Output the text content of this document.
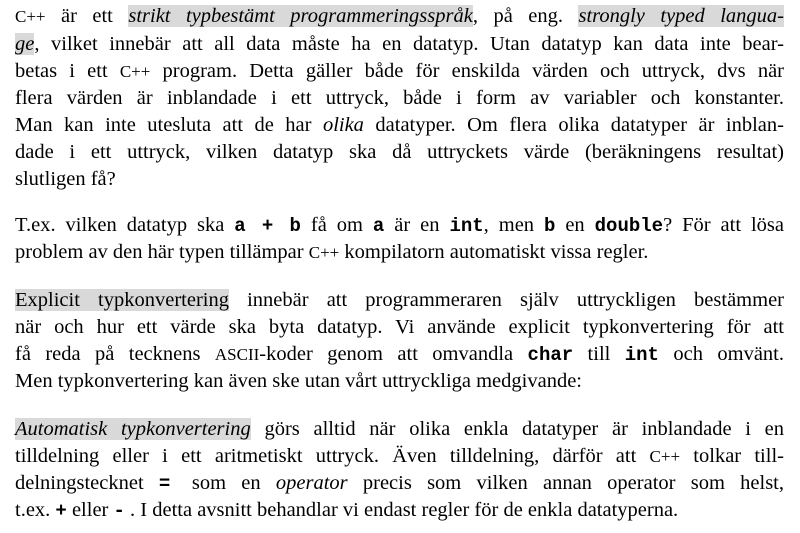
C++ är ett strikt typbestämt programmeringsspråk, på eng. strongly typed langua-
ge, vilket innebär att all data måste ha en datatyp. Utan datatyp kan data inte bear-
betas i ett C++ program. Detta gäller både för enskilda värden och uttryck, dvs när
flera värden är inblandade i ett uttryck, både i form av variabler och konstanter.
Man kan inte utesluta att de har olika datatyper. Om flera olika datatyper är inblan-
dade i ett uttryck, vilken datatyp ska då uttryckets värde (beräkningens resultat)
slutligen få?
T.ex. vilken datatyp ska a + b få om a är en int, men b en double? För att lösa
problem av den här typen tillämpar C++ kompilatorn automatiskt vissa regler.
Explicit typkonvertering innebär att programmeraren själv uttryckligen bestämmer
när och hur ett värde ska byta datatyp. Vi använde explicit typkonvertering för att
få reda på tecknens ASCII-koder genom att omvandla char till int och omvänt.
Men typkonvertering kan även ske utan vårt uttryckliga medgivande:
Automatisk typkonvertering görs alltid när olika enkla datatyper är inblandade i en
tilldelning eller i ett aritmetiskt uttryck. Även tilldelning, därför att C++ tolkar till-
delningstecknet = som en operator precis som vilken annan operator som helst,
t.ex. + eller - . I detta avsnitt behandlar vi endast regler för de enkla datatyperna.
